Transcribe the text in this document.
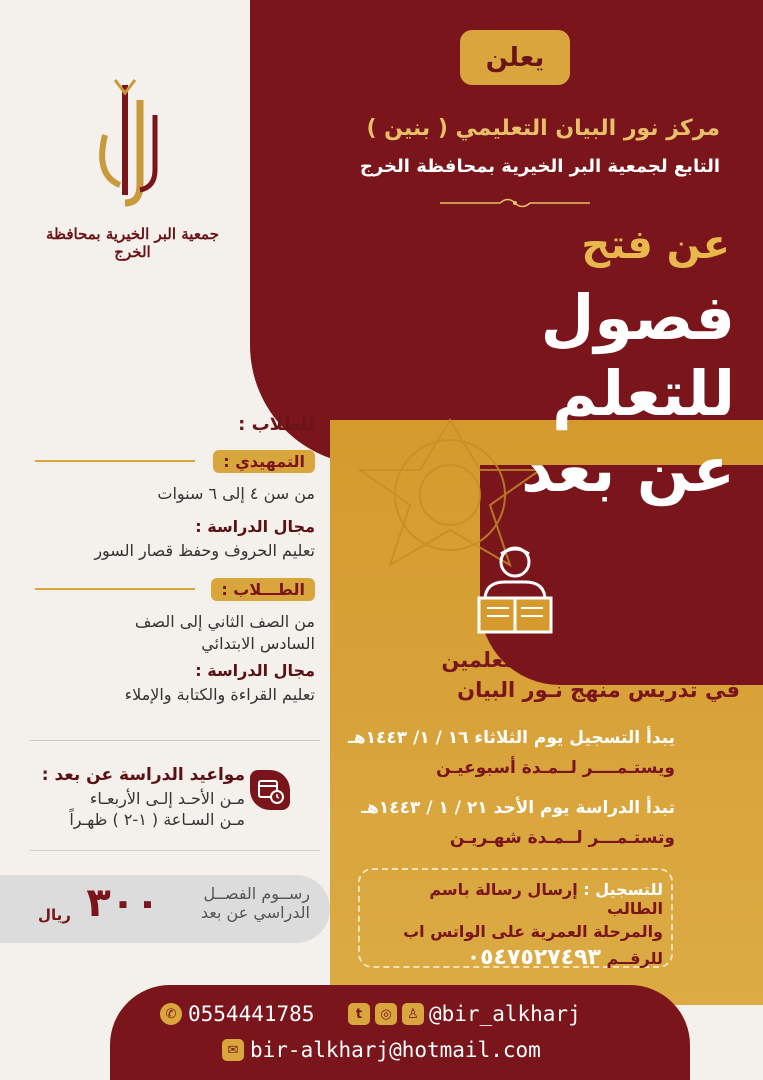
يعلن
مركز نور البيان التعليمي ( بنين )
التابع لجمعية البر الخيرية بمحافظة الخرج
عن فتح
فصول للتعلم
عن بعد
جمعية البر الخيرية بمحافظة الخرج
للطلاب :
التمهيدي :
من سن ٤ إلى ٦ سنوات
مجال الدراسة :
تعليم الحروف وحفظ قصار السور
الطـــلاب :
من الصف الثاني إلى الصف
السادس الابتدائي
مجال الدراسة :
تعليم القراءة والكتابة والإملاء
مواعيد الدراسة عن بعد :
مـن الأحـد إلـى الأربعـاء
مـن السـاعة ( ١-٢ ) ظهـراً
رســوم الفصــل
الدراسي عن بعد
٣٠٠
ريال
بوجود نخبة من أميز المعلمين
في تدريس منهج نـور البيان
يبدأ التسجيل يوم الثلاثاء ١٦ / ١/ ١٤٤٣هـ
ويستـمــــر لــمـدة أسبوعيـن
تبدأ الدراسة يوم الأحد ٢١ / ١ / ١٤٤٣هـ
وتستـمـــر لــمـدة شهـريـن
للتسجيل : إرسال رسالة باسم الطالب
والمرحلة العمرية على الواتس اب
للرقــم ٠٥٤٧٥٢٧٤٩٣
✆ 0554441785	t	◎	♙ @bir_alkharj
✉ bir-alkharj@hotmail.com
